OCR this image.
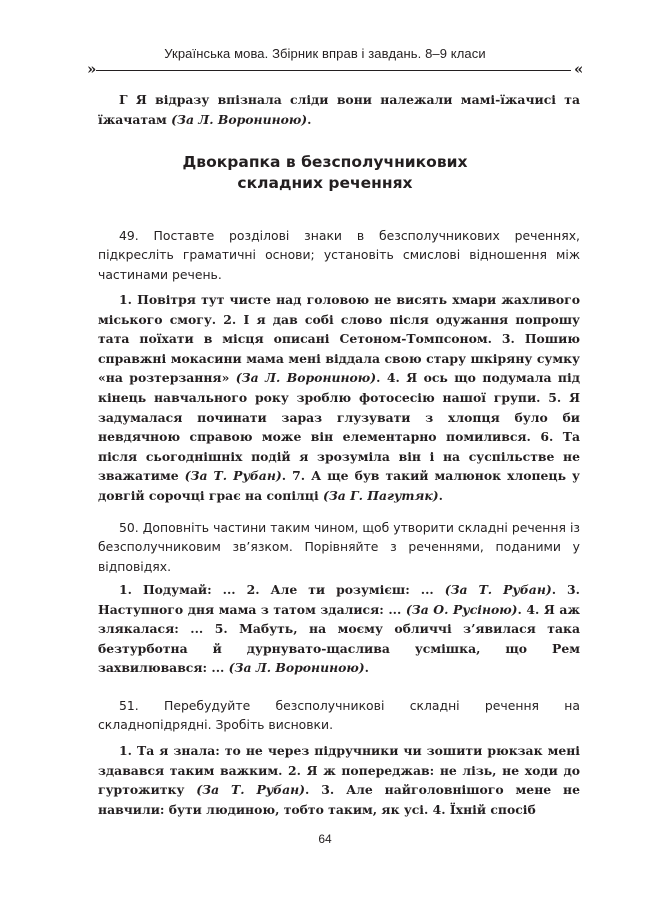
Українська мова. Збірник вправ і завдань. 8–9 класи
»	«
Г Я відразу впізнала сліди вони належали мамі-їжачисі та їжачатам (За Л. Ворониною).
Двокрапка в безсполучникових
складних реченнях
49. Поставте розділові знаки в безсполучникових реченнях, підкресліть граматичні основи; установіть смислові відношення між частинами речень.
1. Повітря тут чисте над головою не висять хмари жахливого міського смогу. 2. І я дав собі слово після одужання попрошу тата поїхати в місця описані Сетоном-Томпсоном. 3. Пошию справжні мокасини мама мені віддала свою стару шкіряну сумку «на розтерзання» (За Л. Ворониною). 4. Я ось що подумала під кінець навчального року зроблю фотосесію нашої групи. 5. Я задумалася починати зараз глузувати з хлопця було би невдячною справою може він елементарно помилився. 6. Та після сьогоднішніх подій я зрозуміла він і на суспільстве не зважатиме (За Т. Рубан). 7. А ще був такий малюнок хлопець у довгій сорочці грає на сопілці (За Г. Пагутяк).
50. Доповніть частини таким чином, щоб утворити складні речення із безсполучниковим зв’язком. Порівняйте з реченнями, поданими у відповідях.
1. Подумай: ... 2. Але ти розумієш: ... (За Т. Рубан). 3. Наступного дня мама з татом здалися: ... (За О. Русіною). 4. Я аж злякалася: ... 5. Мабуть, на моєму обличчі з’явилася така безтурботна й дурнувато-щаслива усмішка, що Рем захвилювався: ... (За Л. Ворониною).
51. Перебудуйте безсполучникові складні речення на складнопідрядні. Зробіть висновки.
1. Та я знала: то не через підручники чи зошити рюкзак мені здавався таким важким. 2. Я ж попереджав: не лізь, не ходи до гуртожитку (За Т. Рубан). 3. Але найголовнішого мене не навчили: бути людиною, тобто таким, як усі. 4. Їхній спосіб
64
